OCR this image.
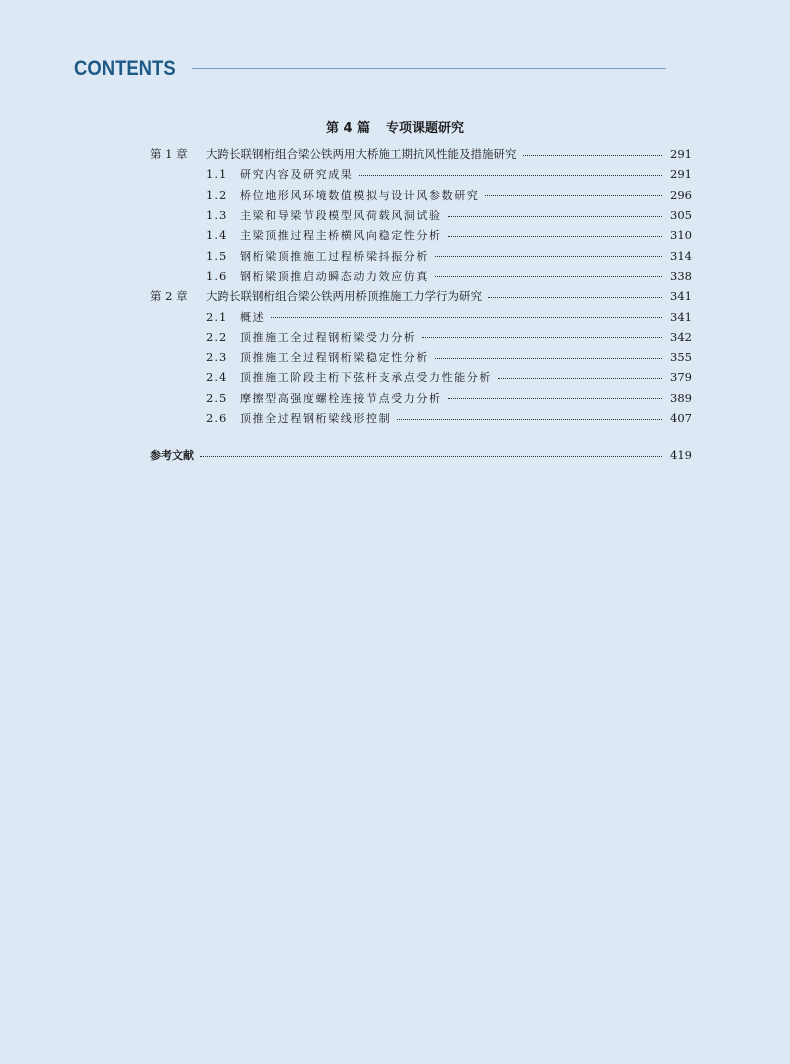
CONTENTS
第 4 篇 专项课题研究
第 1 章	大跨长联钢桁组合梁公铁两用大桥施工期抗风性能及措施研究	291
1.1	研究内容及研究成果	291
1.2	桥位地形风环境数值模拟与设计风参数研究	296
1.3	主梁和导梁节段模型风荷载风洞试验	305
1.4	主梁顶推过程主桥横风向稳定性分析	310
1.5	钢桁梁顶推施工过程桥梁抖振分析	314
1.6	钢桁梁顶推启动瞬态动力效应仿真	338
第 2 章	大跨长联钢桁组合梁公铁两用桥顶推施工力学行为研究	341
2.1	概述	341
2.2	顶推施工全过程钢桁梁受力分析	342
2.3	顶推施工全过程钢桁梁稳定性分析	355
2.4	顶推施工阶段主桁下弦杆支承点受力性能分析	379
2.5	摩擦型高强度螺栓连接节点受力分析	389
2.6	顶推全过程钢桁梁线形控制	407
参考文献	419
